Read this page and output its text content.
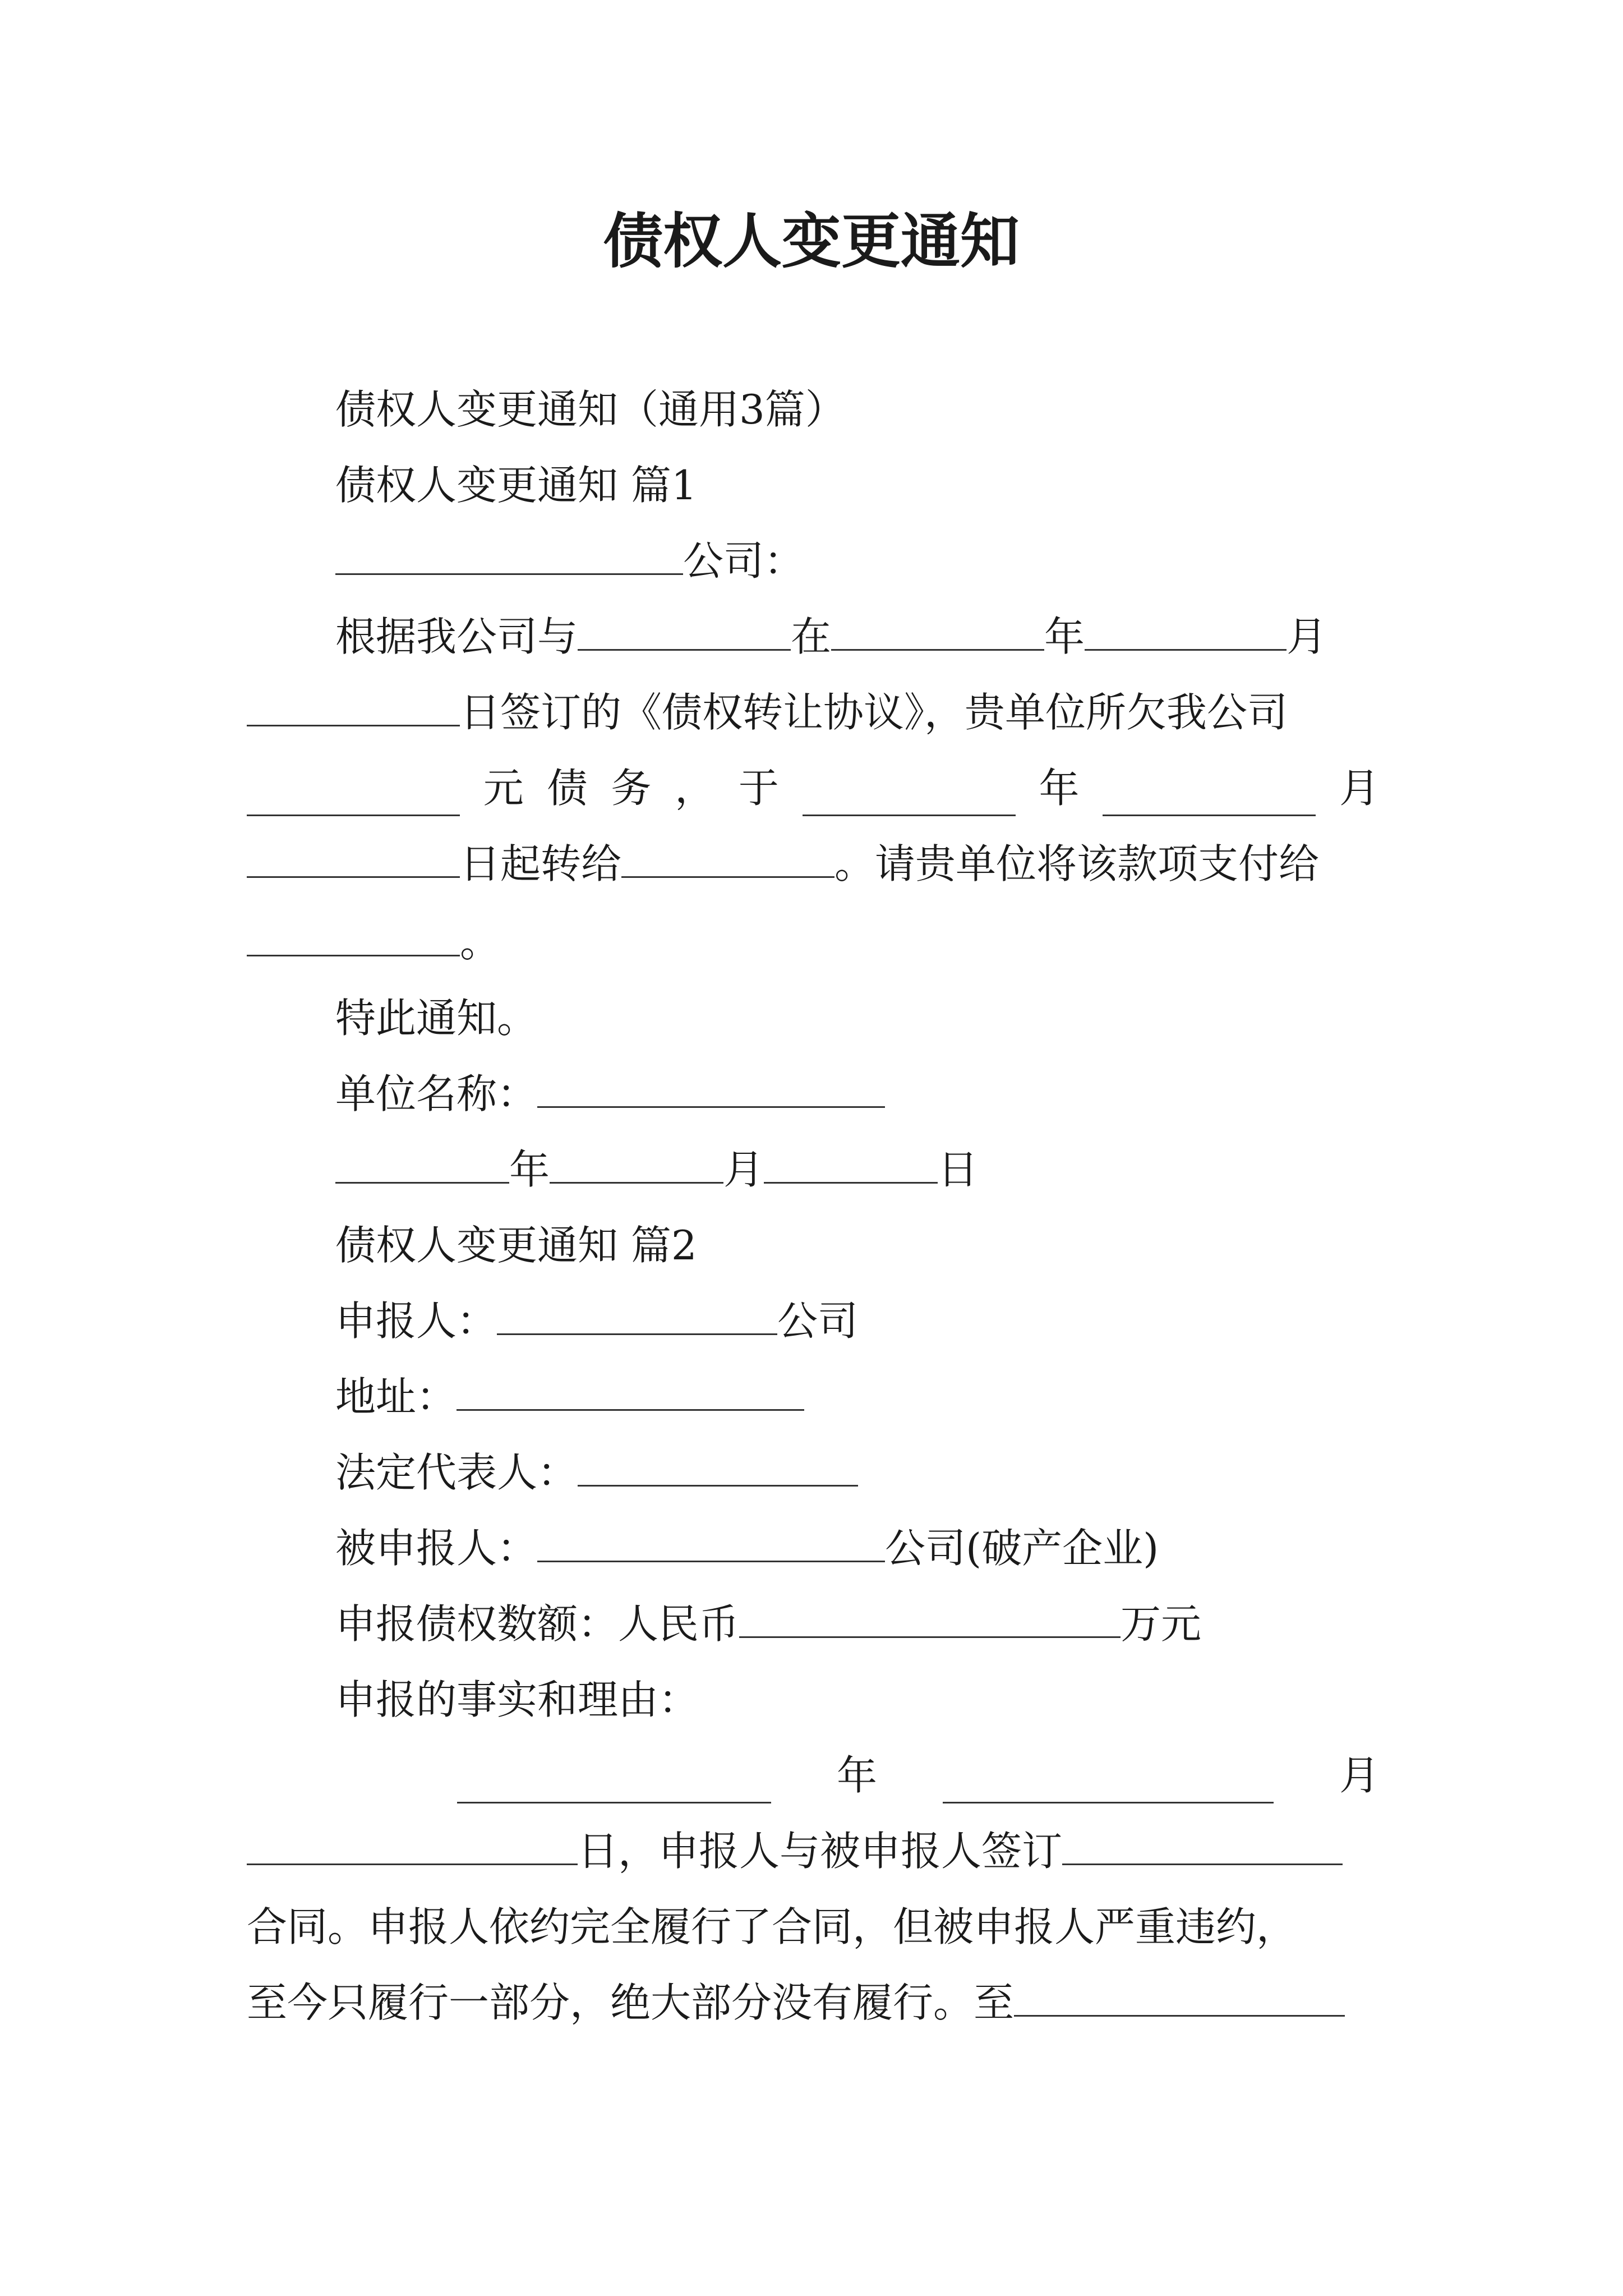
债权人变更通知
债权人变更通知（通用3篇）
债权人变更通知 篇1
公司：
根据我公司与	在	年	月
日签订的《债权转让协议》，贵单位所欠我公司
元 债 务 ， 于	年	月
日起转给	。请贵单位将该款项支付给
。
特此通知。
单位名称：
年	月	日
债权人变更通知 篇2
申报人：	公司
地址：
法定代表人：
被申报人：	公司(破产企业)
申报债权数额：人民币	万元
申报的事实和理由：
年	月
日，申报人与被申报人签订
合同。申报人依约完全履行了合同，但被申报人严重违约，
至今只履行一部分，绝大部分没有履行。至
